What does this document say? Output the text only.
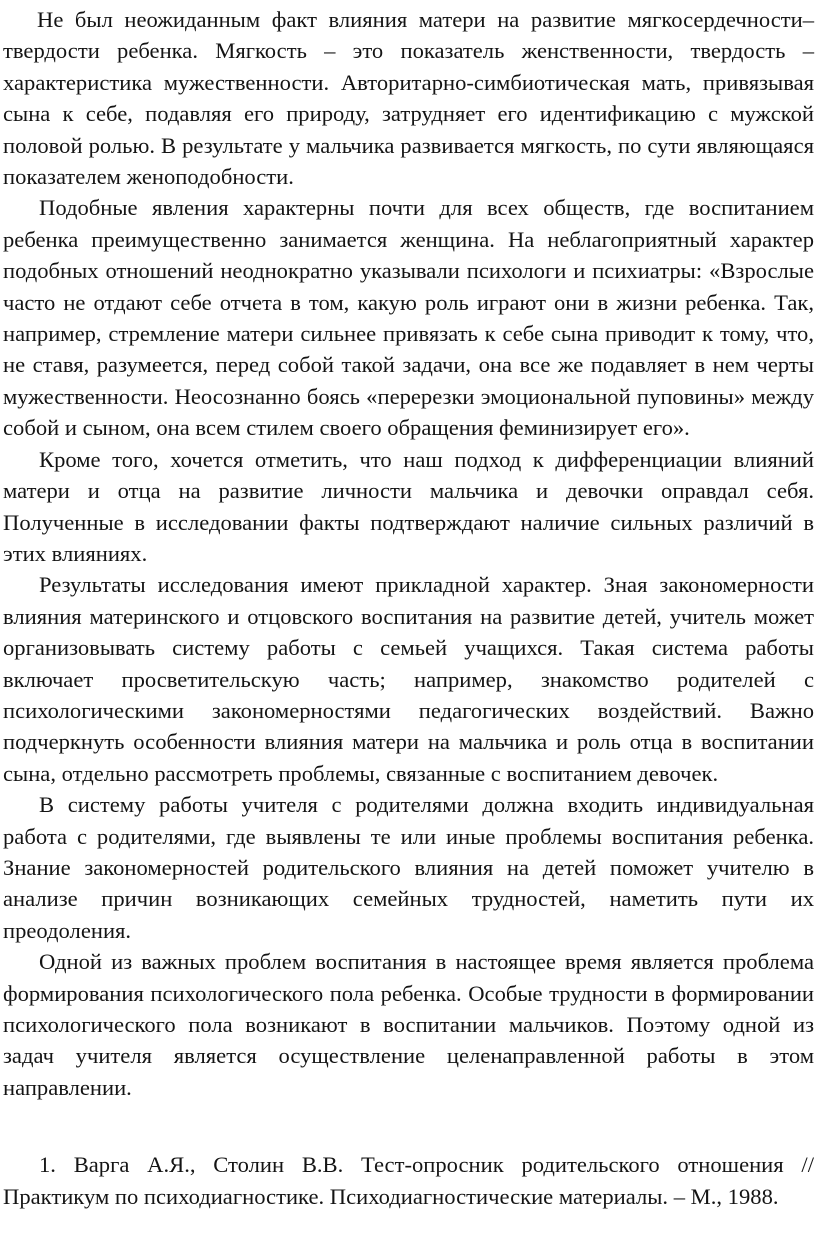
Не был неожиданным факт влияния матери на развитие мягкосердечности–твердости ребенка. Мягкость – это показатель женственности, твердость – характеристика мужественности. Авторитарно-симбиотическая мать, привязывая сына к себе, подавляя его природу, затрудняет его идентификацию с мужской половой ролью. В результате у мальчика развивается мягкость, по сути являющаяся показателем женоподобности.

Подобные явления характерны почти для всех обществ, где воспитанием ребенка преимущественно занимается женщина. На неблагоприятный характер подобных отношений неоднократно указывали психологи и психиатры: «Взрослые часто не отдают себе отчета в том, какую роль играют они в жизни ребенка. Так, например, стремление матери сильнее привязать к себе сына приводит к тому, что, не ставя, разумеется, перед собой такой задачи, она все же подавляет в нем черты мужественности. Неосознанно боясь «перерезки эмоциональной пуповины» между собой и сыном, она всем стилем своего обращения феминизирует его».

Кроме того, хочется отметить, что наш подход к дифференциации влияний матери и отца на развитие личности мальчика и девочки оправдал себя. Полученные в исследовании факты подтверждают наличие сильных различий в этих влияниях.

Результаты исследования имеют прикладной характер. Зная закономерности влияния материнского и отцовского воспитания на развитие детей, учитель может организовывать систему работы с семьей учащихся. Такая система работы включает просветительскую часть; например, знакомство родителей с психологическими закономерностями педагогических воздействий. Важно подчеркнуть особенности влияния матери на мальчика и роль отца в воспитании сына, отдельно рассмотреть проблемы, связанные с воспитанием девочек.

В систему работы учителя с родителями должна входить индивидуальная работа с родителями, где выявлены те или иные проблемы воспитания ребенка. Знание закономерностей родительского влияния на детей поможет учителю в анализе причин возникающих семейных трудностей, наметить пути их преодоления.

Одной из важных проблем воспитания в настоящее время является проблема формирования психологического пола ребенка. Особые трудности в формировании психологического пола возникают в воспитании мальчиков. Поэтому одной из задач учителя является осуществление целенаправленной работы в этом направлении.

1. Варга А.Я., Столин В.В. Тест-опросник родительского отношения // Практикум по психодиагностике. Психодиагностические материалы. – М., 1988.
